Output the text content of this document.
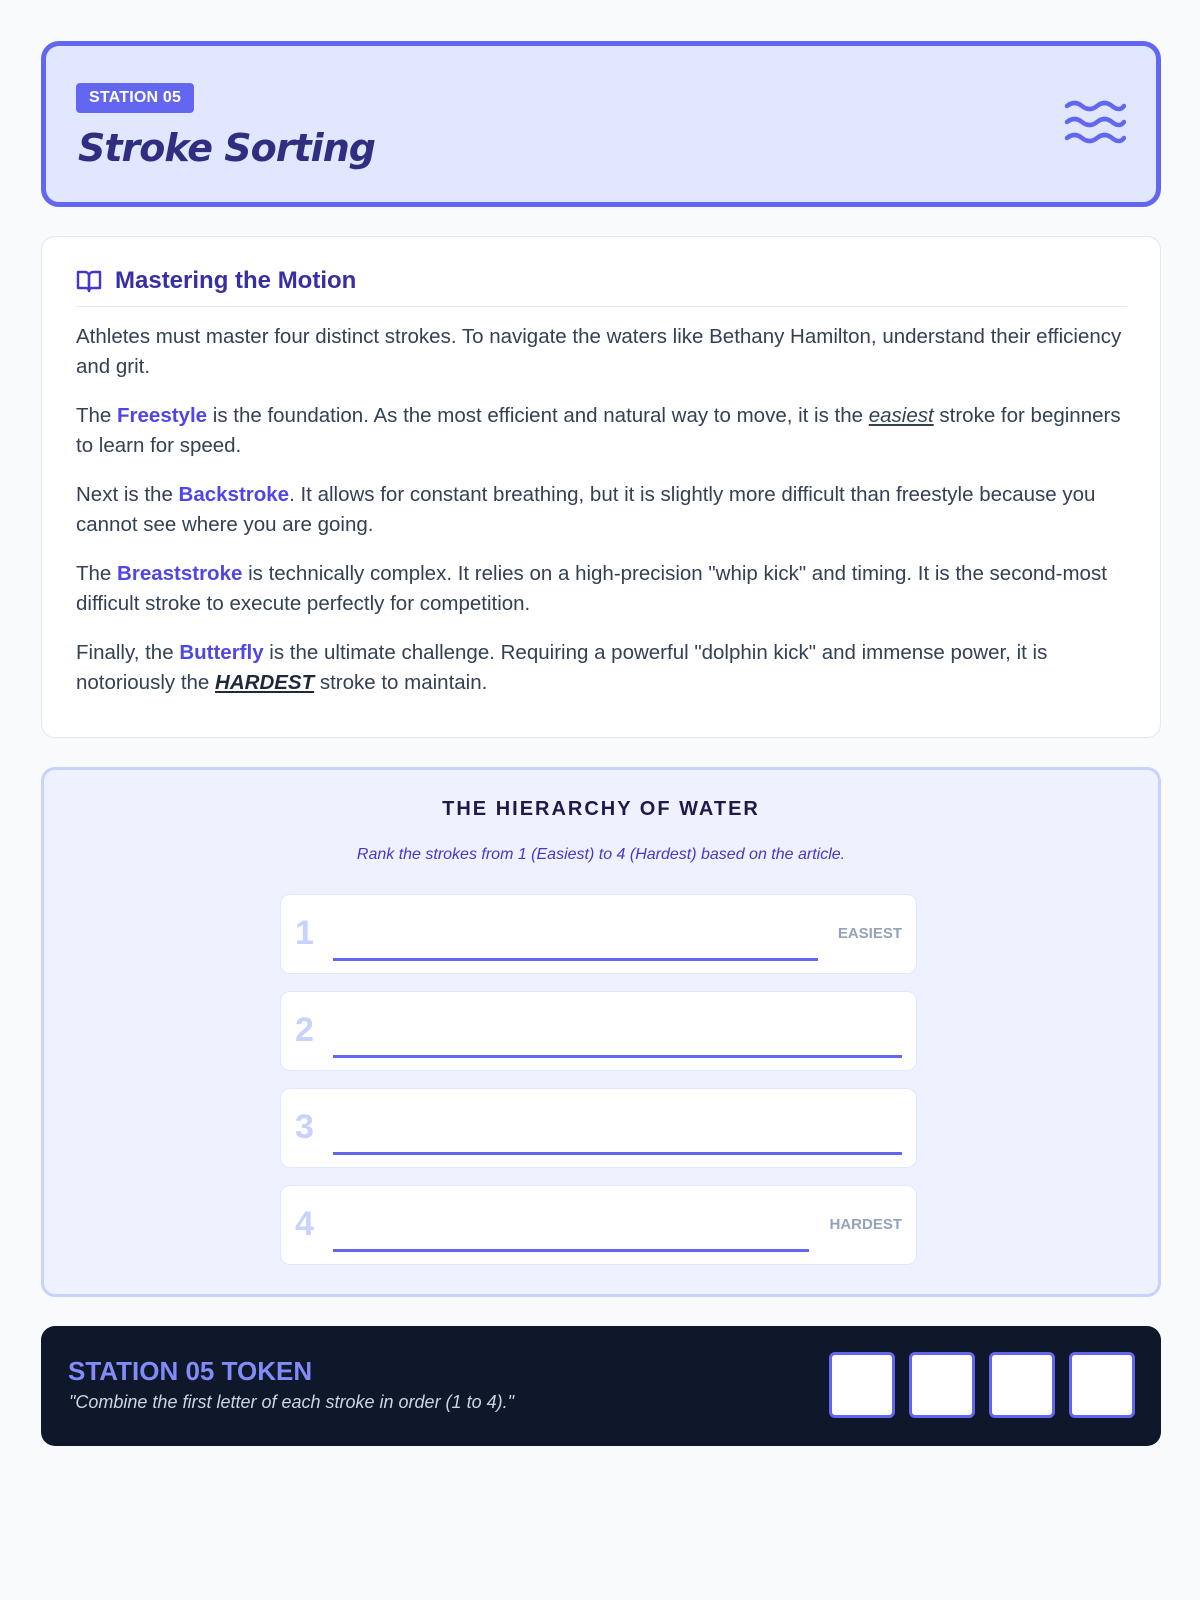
STATION 05
Stroke Sorting
Mastering the Motion

Athletes must master four distinct strokes. To navigate the waters like Bethany Hamilton, understand their efficiency and grit.

The Freestyle is the foundation. As the most efficient and natural way to move, it is the easiest stroke for beginners to learn for speed.

Next is the Backstroke. It allows for constant breathing, but it is slightly more difficult than freestyle because you cannot see where you are going.

The Breaststroke is technically complex. It relies on a high-precision "whip kick" and timing. It is the second-most difficult stroke to execute perfectly for competition.

Finally, the Butterfly is the ultimate challenge. Requiring a powerful "dolphin kick" and immense power, it is notoriously the HARDEST stroke to maintain.

THE HIERARCHY OF WATER
Rank the strokes from 1 (Easiest) to 4 (Hardest) based on the article.
1	EASIEST
2
3
4	HARDEST
STATION 05 TOKEN
"Combine the first letter of each stroke in order (1 to 4)."
